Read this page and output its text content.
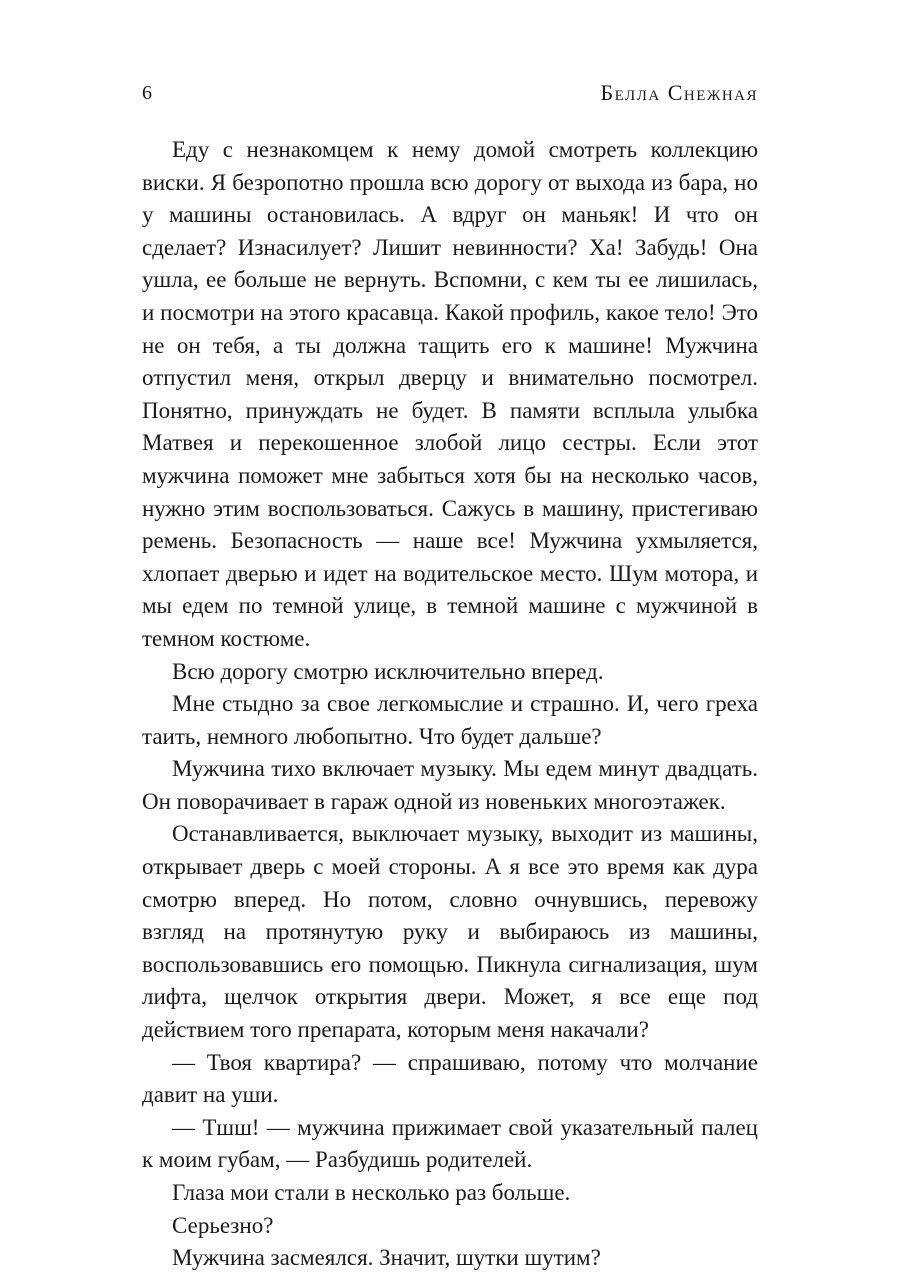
6	Белла Снежная

Еду с незнакомцем к нему домой смотреть коллекцию виски. Я безропотно прошла всю дорогу от выхода из бара, но у машины остановилась. А вдруг он маньяк! И что он сделает? Изнасилует? Лишит невинности? Ха! Забудь! Она ушла, ее больше не вернуть. Вспомни, с кем ты ее лишилась, и посмотри на этого красавца. Какой профиль, какое тело! Это не он тебя, а ты должна тащить его к машине! Мужчина отпустил меня, открыл дверцу и внимательно посмотрел. Понятно, принуждать не будет. В памяти всплыла улыбка Матвея и перекошенное злобой лицо сестры. Если этот мужчина поможет мне забыться хотя бы на несколько часов, нужно этим воспользоваться. Сажусь в машину, пристегиваю ремень. Безопасность — наше все! Мужчина ухмыляется, хлопает дверью и идет на водительское место. Шум мотора, и мы едем по темной улице, в темной машине с мужчиной в темном костюме.

Всю дорогу смотрю исключительно вперед.

Мне стыдно за свое легкомыслие и страшно. И, чего греха таить, немного любопытно. Что будет дальше?

Мужчина тихо включает музыку. Мы едем минут двадцать. Он поворачивает в гараж одной из новеньких многоэтажек.

Останавливается, выключает музыку, выходит из машины, открывает дверь с моей стороны. А я все это время как дура смотрю вперед. Но потом, словно очнувшись, перевожу взгляд на протянутую руку и выбираюсь из машины, воспользовавшись его помощью. Пикнула сигнализация, шум лифта, щелчок открытия двери. Может, я все еще под действием того препарата, которым меня накачали?

— Твоя квартира? — спрашиваю, потому что молчание давит на уши.

— Тшш! — мужчина прижимает свой указательный палец к моим губам, — Разбудишь родителей.

Глаза мои стали в несколько раз больше.

Серьезно?

Мужчина засмеялся. Значит, шутки шутим?
